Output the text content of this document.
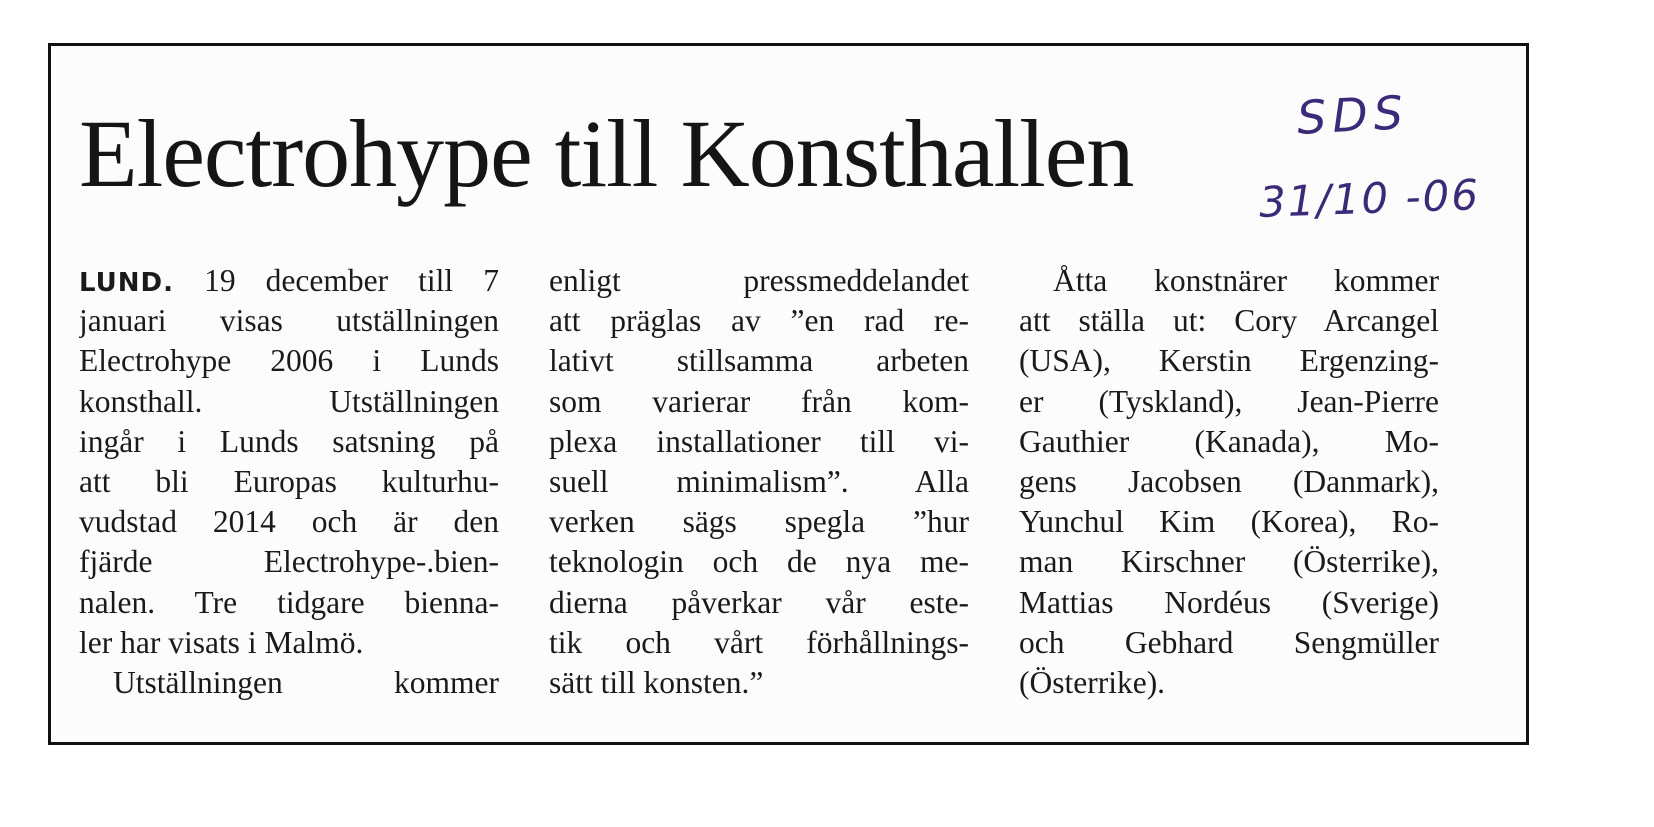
Electrohype till Konsthallen	SDS
31/10 -06
LUND. 19 december till 7
januari visas utställningen
Electrohype 2006 i Lunds
konsthall. Utställningen
ingår i Lunds satsning på
att bli Europas kulturhu-
vudstad 2014 och är den
fjärde Electrohype-.bien-
nalen. Tre tidgare bienna-
ler har visats i Malmö.
Utställningen kommer
enligt pressmeddelandet
att präglas av ”en rad re-
lativt stillsamma arbeten
som varierar från kom-
plexa installationer till vi-
suell minimalism”. Alla
verken sägs spegla ”hur
teknologin och de nya me-
dierna påverkar vår este-
tik och vårt förhållnings-
sätt till konsten.”
Åtta konstnärer kommer
att ställa ut: Cory Arcangel
(USA), Kerstin Ergenzing-
er (Tyskland), Jean-Pierre
Gauthier (Kanada), Mo-
gens Jacobsen (Danmark),
Yunchul Kim (Korea), Ro-
man Kirschner (Österrike),
Mattias Nordéus (Sverige)
och Gebhard Sengmüller
(Österrike).
